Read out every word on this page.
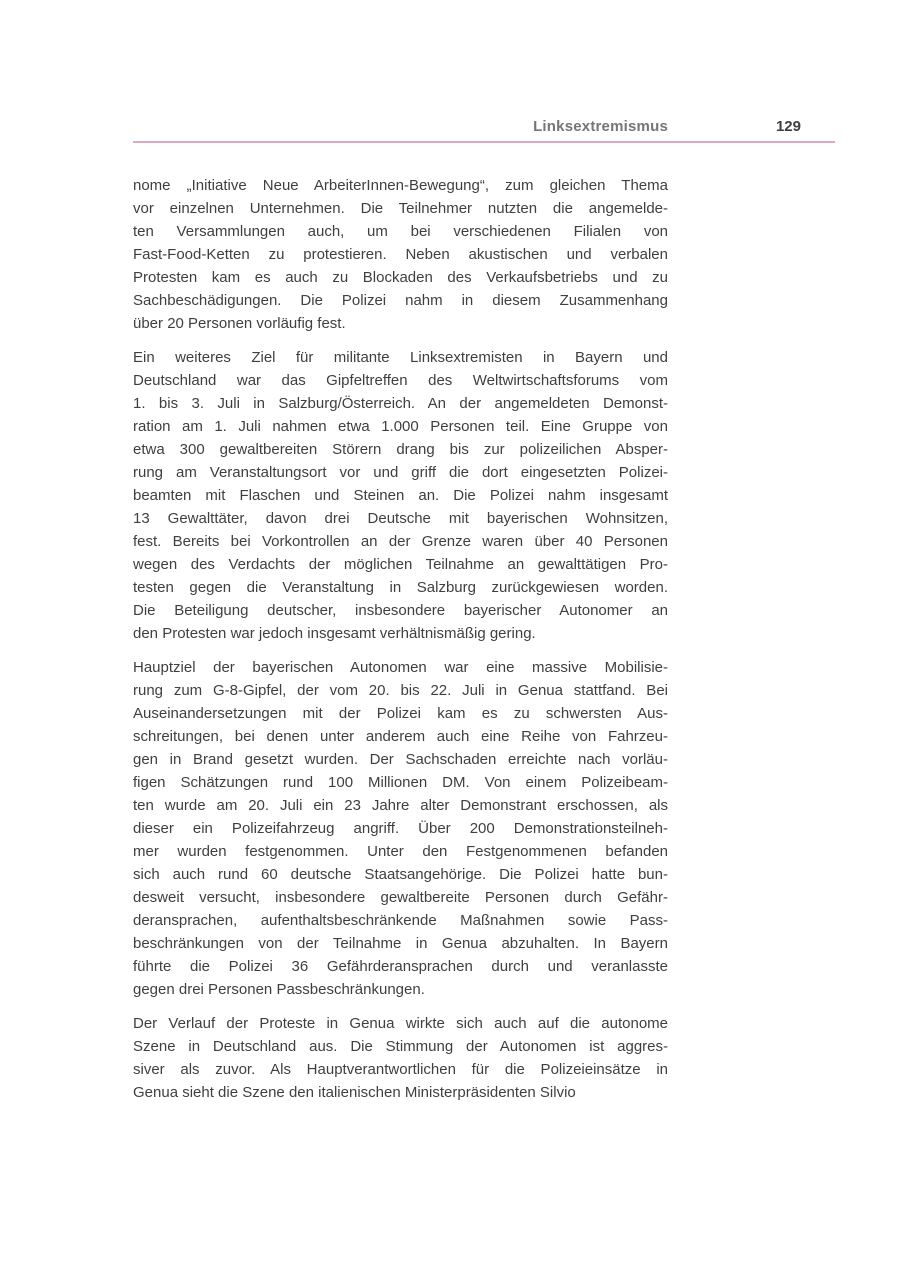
Linksextremismus	129

nome „Initiative Neue ArbeiterInnen-Bewegung“, zum gleichen Thema
vor einzelnen Unternehmen. Die Teilnehmer nutzten die angemelde-
ten Versammlungen auch, um bei verschiedenen Filialen von
Fast-Food-Ketten zu protestieren. Neben akustischen und verbalen
Protesten kam es auch zu Blockaden des Verkaufsbetriebs und zu
Sachbeschädigungen. Die Polizei nahm in diesem Zusammenhang
über 20 Personen vorläufig fest.

Ein weiteres Ziel für militante Linksextremisten in Bayern und
Deutschland war das Gipfeltreffen des Weltwirtschaftsforums vom
1. bis 3. Juli in Salzburg/Österreich. An der angemeldeten Demonst-
ration am 1. Juli nahmen etwa 1.000 Personen teil. Eine Gruppe von
etwa 300 gewaltbereiten Störern drang bis zur polizeilichen Absper-
rung am Veranstaltungsort vor und griff die dort eingesetzten Polizei-
beamten mit Flaschen und Steinen an. Die Polizei nahm insgesamt
13 Gewalttäter, davon drei Deutsche mit bayerischen Wohnsitzen,
fest. Bereits bei Vorkontrollen an der Grenze waren über 40 Personen
wegen des Verdachts der möglichen Teilnahme an gewalttätigen Pro-
testen gegen die Veranstaltung in Salzburg zurückgewiesen worden.
Die Beteiligung deutscher, insbesondere bayerischer Autonomer an
den Protesten war jedoch insgesamt verhältnismäßig gering.

Hauptziel der bayerischen Autonomen war eine massive Mobilisie-
rung zum G-8-Gipfel, der vom 20. bis 22. Juli in Genua stattfand. Bei
Auseinandersetzungen mit der Polizei kam es zu schwersten Aus-
schreitungen, bei denen unter anderem auch eine Reihe von Fahrzeu-
gen in Brand gesetzt wurden. Der Sachschaden erreichte nach vorläu-
figen Schätzungen rund 100 Millionen DM. Von einem Polizeibeam-
ten wurde am 20. Juli ein 23 Jahre alter Demonstrant erschossen, als
dieser ein Polizeifahrzeug angriff. Über 200 Demonstrationsteilneh-
mer wurden festgenommen. Unter den Festgenommenen befanden
sich auch rund 60 deutsche Staatsangehörige. Die Polizei hatte bun-
desweit versucht, insbesondere gewaltbereite Personen durch Gefähr-
deransprachen, aufenthaltsbeschränkende Maßnahmen sowie Pass-
beschränkungen von der Teilnahme in Genua abzuhalten. In Bayern
führte die Polizei 36 Gefährderansprachen durch und veranlasste
gegen drei Personen Passbeschränkungen.

Der Verlauf der Proteste in Genua wirkte sich auch auf die autonome
Szene in Deutschland aus. Die Stimmung der Autonomen ist aggres-
siver als zuvor. Als Hauptverantwortlichen für die Polizeieinsätze in
Genua sieht die Szene den italienischen Ministerpräsidenten Silvio
